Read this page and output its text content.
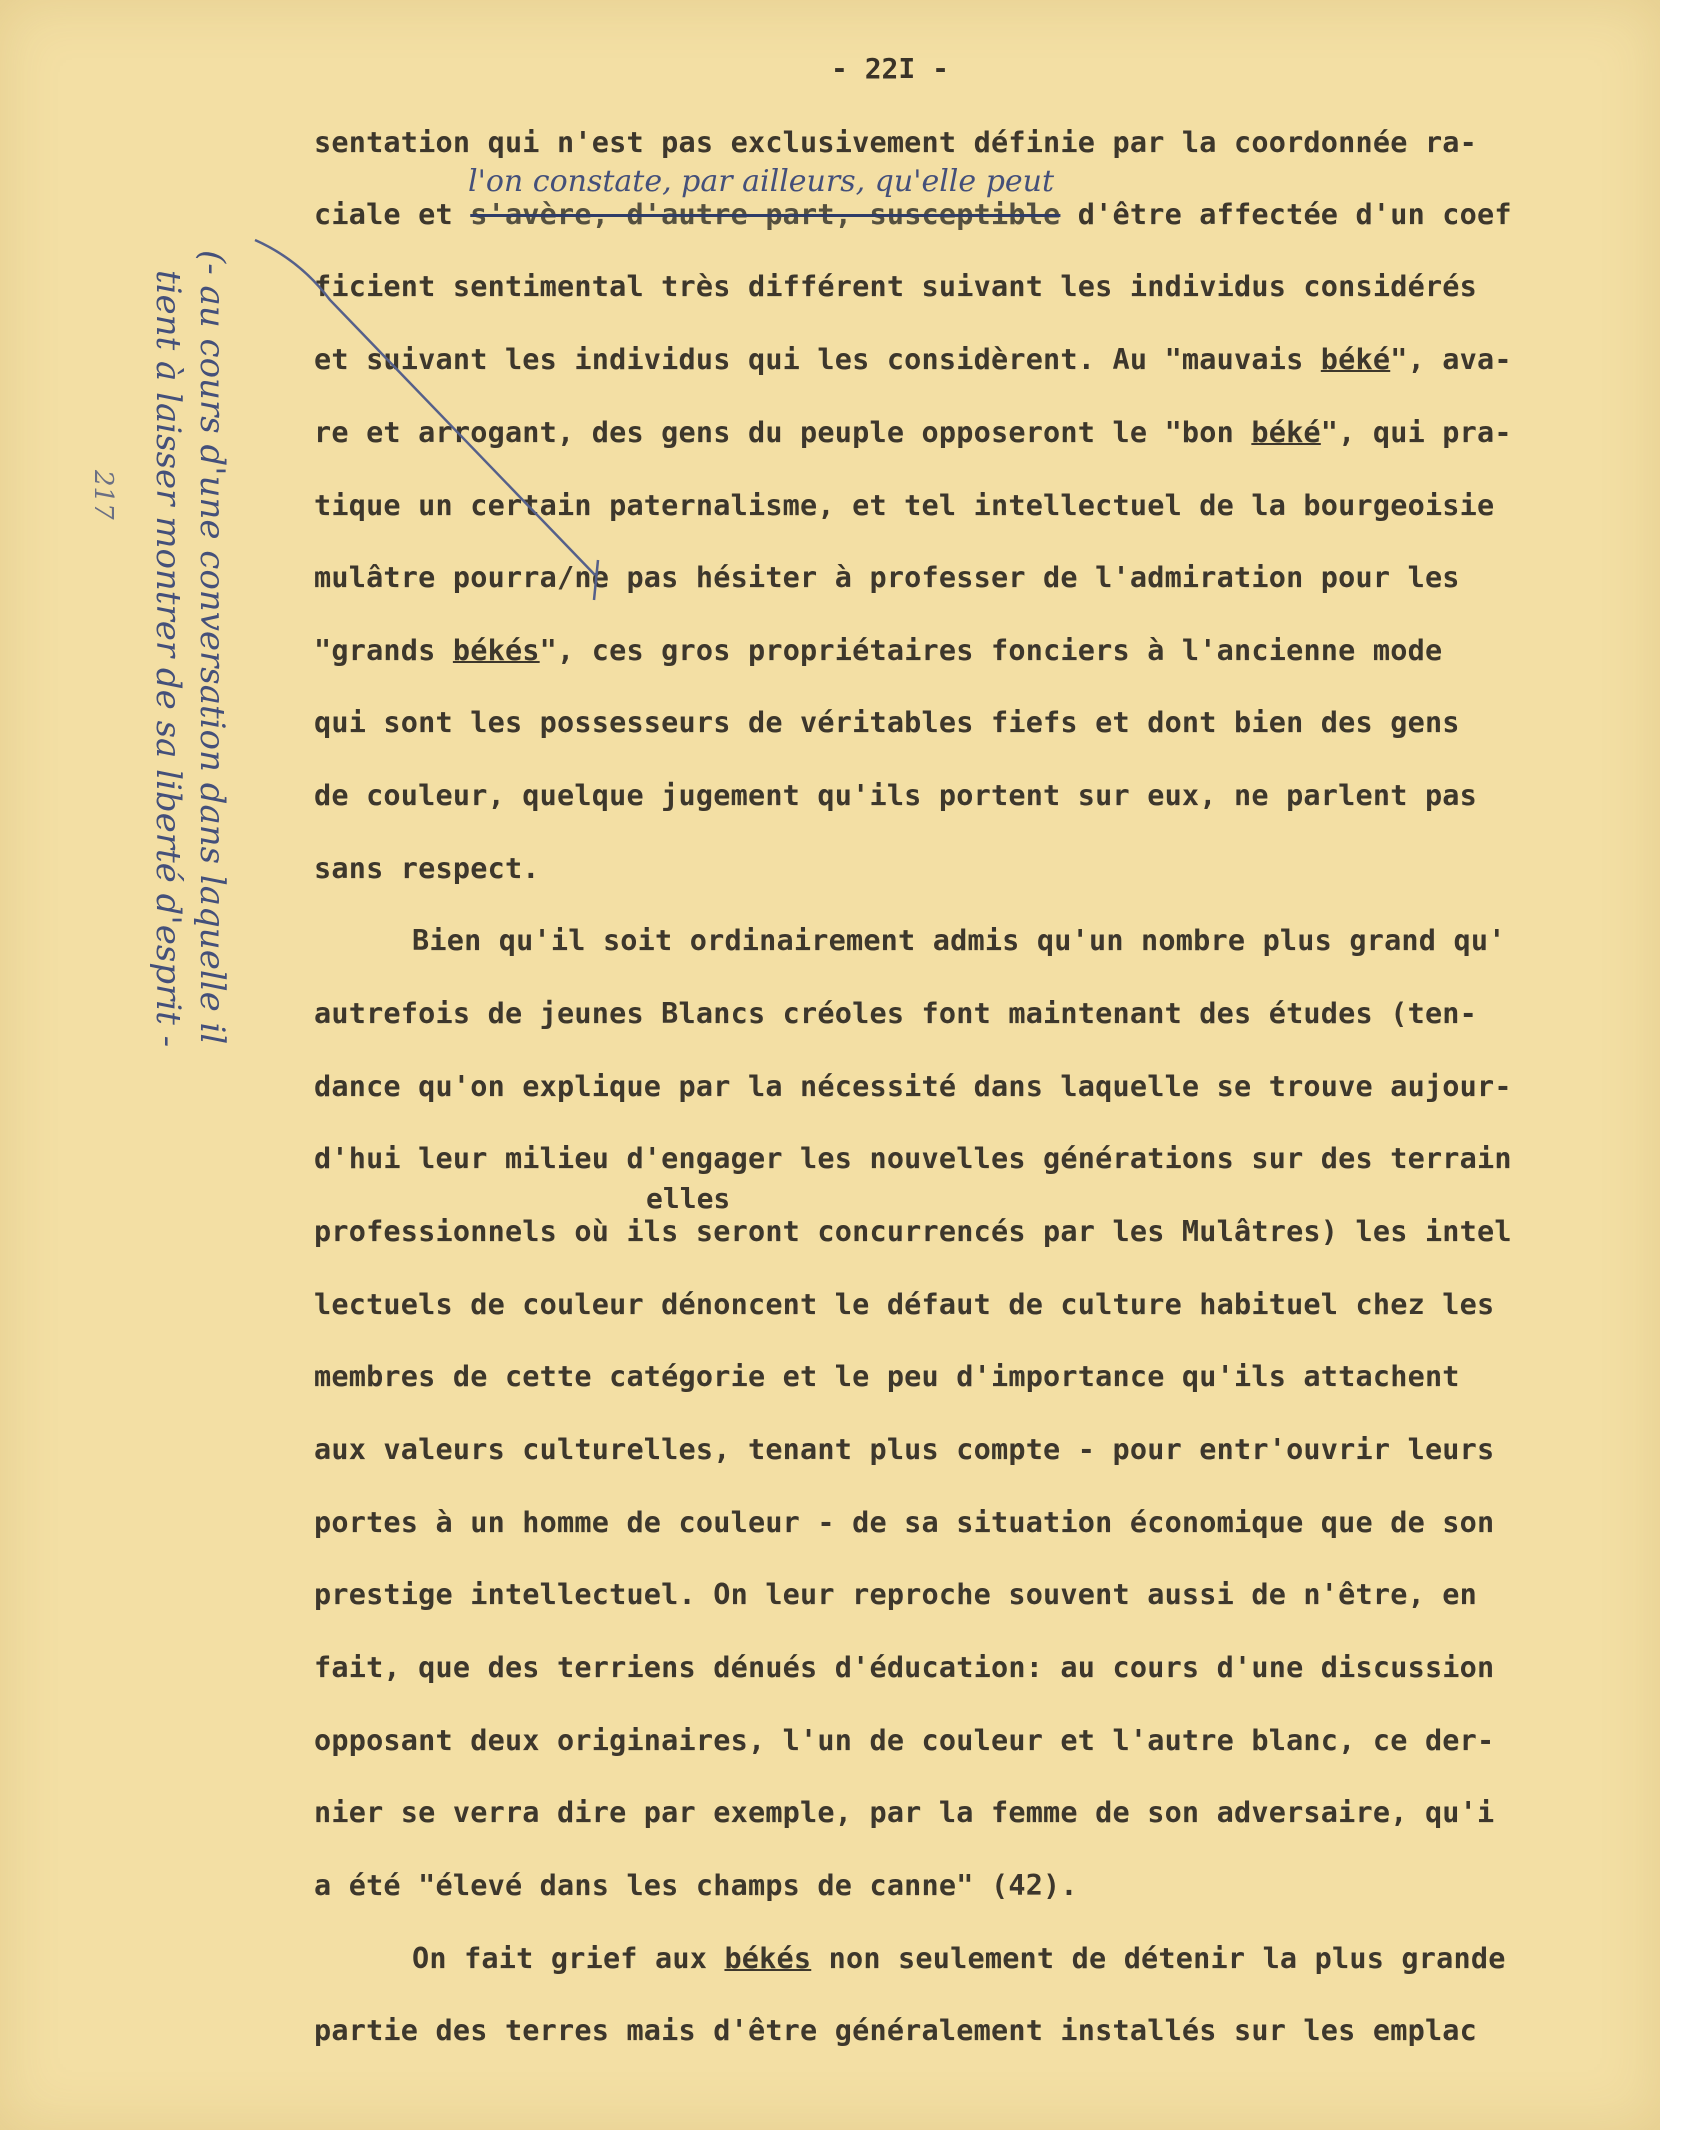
- 22I -
l'on constate, par ailleurs, qu'elle peut
sentation qui n'est pas exclusivement définie par la coordonnée ra-
ciale et s'avère, d'autre part, susceptible d'être affectée d'un coef
ficient sentimental très différent suivant les individus considérés
et suivant les individus qui les considèrent. Au "mauvais béké", ava-
re et arrogant, des gens du peuple opposeront le "bon béké", qui pra-
tique un certain paternalisme, et tel intellectuel de la bourgeoisie
mulâtre pourra/ne pas hésiter à professer de l'admiration pour les
"grands békés", ces gros propriétaires fonciers à l'ancienne mode
qui sont les possesseurs de véritables fiefs et dont bien des gens
de couleur, quelque jugement qu'ils portent sur eux, ne parlent pas
sans respect.
Bien qu'il soit ordinairement admis qu'un nombre plus grand qu'
autrefois de jeunes Blancs créoles font maintenant des études (ten-
dance qu'on explique par la nécessité dans laquelle se trouve aujour-
d'hui leur milieu d'engager les nouvelles générations sur des terrain
elles
professionnels où ils seront concurrencés par les Mulâtres) les intel
lectuels de couleur dénoncent le défaut de culture habituel chez les
membres de cette catégorie et le peu d'importance qu'ils attachent
aux valeurs culturelles, tenant plus compte - pour entr'ouvrir leurs
portes à un homme de couleur - de sa situation économique que de son
prestige intellectuel. On leur reproche souvent aussi de n'être, en
fait, que des terriens dénués d'éducation: au cours d'une discussion
opposant deux originaires, l'un de couleur et l'autre blanc, ce der-
nier se verra dire par exemple, par la femme de son adversaire, qu'i
a été "élevé dans les champs de canne" (42).
On fait grief aux békés non seulement de détenir la plus grande
partie des terres mais d'être généralement installés sur les emplac
(- au cours d'une conversation dans laquelle il
tient à laisser montrer de sa liberté d'esprit -
217
